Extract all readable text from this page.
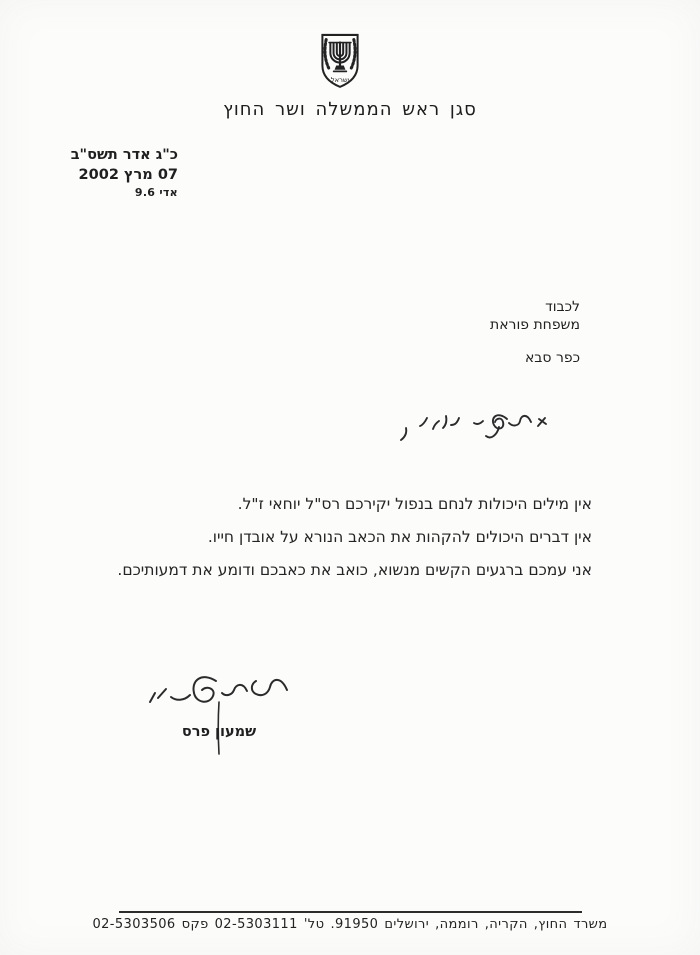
ישראל
סגן ראש הממשלה ושר החוץ
כ"ג אדר תשס"ב
07 מרץ 2002
אדי 9.6
לכבוד
משפחת פוראת
כפר סבא
אין מילים היכולות לנחם בנפול יקירכם רס"ל יוחאי ז"ל.
אין דברים היכולים להקהות את הכאב הנורא על אובדן חייו.
אני עמכם ברגעים הקשים מנשוא, כואב את כאבכם ודומע את דמעותיכם.
שמעון פרס
משרד החוץ, הקריה, רוממה, ירושלים 91950. טל' 02-5303111 פקס 02-5303506
